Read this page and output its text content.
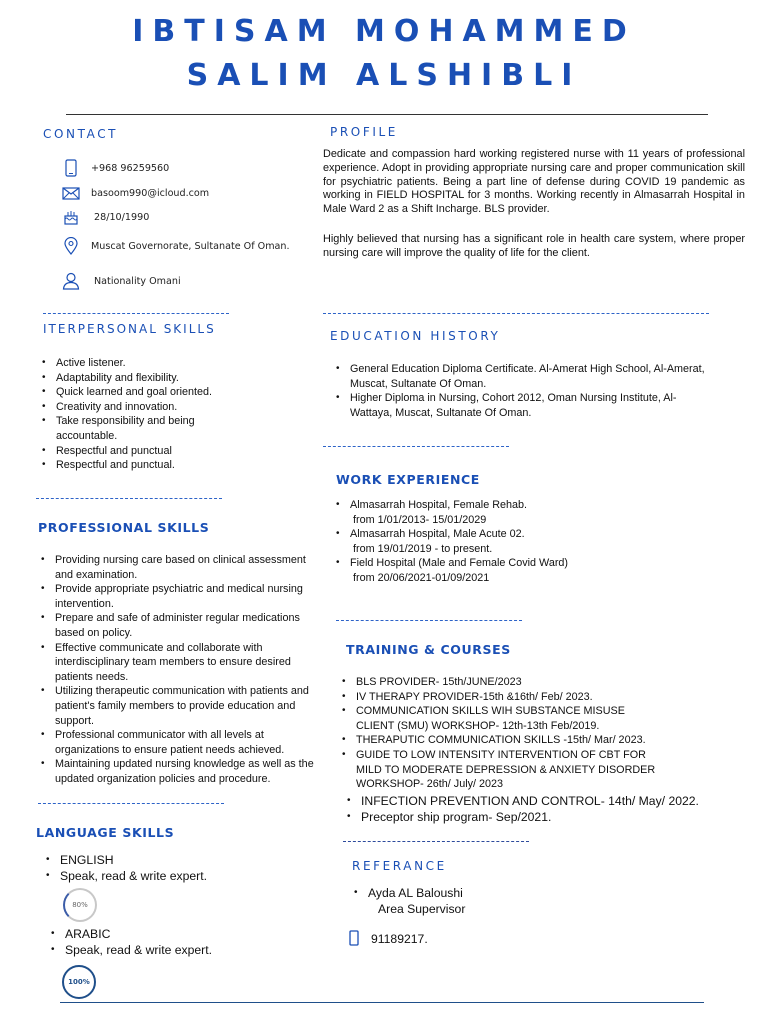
IBTISAM MOHAMMED
SALIM ALSHIBLI
CONTACT
+968 96259560
basoom990@icloud.com
28/10/1990
Muscat Governorate, Sultanate Of Oman.
Nationality Omani
PROFILE
Dedicate and compassion hard working registered nurse with 11 years of professional experience. Adopt in providing appropriate nursing care and proper communication skill for psychiatric patients. Being a part line of defense during COVID 19 pandemic as working in FIELD HOSPITAL for 3 months. Working recently in Almasarrah Hospital in Male Ward 2 as a Shift Incharge. BLS provider.
Highly believed that nursing has a significant role in health care system, where proper nursing care will improve the quality of life for the client.
ITERPERSONAL SKILLS
• Active listener.
• Adaptability and flexibility.
• Quick learned and goal oriented.
• Creativity and innovation.
• Take responsibility and being accountable.
• Respectful and punctual
• Respectful and punctual.
EDUCATION HISTORY
• General Education Diploma Certificate. Al-Amerat High School, Al-Amerat, Muscat, Sultanate Of Oman.
• Higher Diploma in Nursing, Cohort 2012, Oman Nursing Institute, Al-Wattaya, Muscat, Sultanate Of Oman.
WORK EXPERIENCE
• Almasarrah Hospital, Female Rehab.
from 1/01/2013- 15/01/2029
• Almasarrah Hospital, Male Acute 02.
from 19/01/2019 - to present.
• Field Hospital (Male and Female Covid Ward)
from 20/06/2021-01/09/2021
PROFESSIONAL SKILLS
• Providing nursing care based on clinical assessment and examination.
• Provide appropriate psychiatric and medical nursing intervention.
• Prepare and safe of administer regular medications based on policy.
• Effective communicate and collaborate with interdisciplinary team members to ensure desired patients needs.
• Utilizing therapeutic communication with patients and patient's family members to provide education and support.
• Professional communicator with all levels at organizations to ensure patient needs achieved.
• Maintaining updated nursing knowledge as well as the updated organization policies and procedure.
TRAINING & COURSES
• BLS PROVIDER- 15th/JUNE/2023
• IV THERAPY PROVIDER-15th &16th/ Feb/ 2023.
• COMMUNICATION SKILLS WIH SUBSTANCE MISUSE CLIENT (SMU) WORKSHOP- 12th-13th Feb/2019.
• THERAPUTIC COMMUNICATION SKILLS -15th/ Mar/ 2023.
• GUIDE TO LOW INTENSITY INTERVENTION OF CBT FOR MILD TO MODERATE DEPRESSION & ANXIETY DISORDER WORKSHOP- 26th/ July/ 2023
• INFECTION PREVENTION AND CONTROL- 14th/ May/ 2022.
• Preceptor ship program- Sep/2021.
LANGUAGE SKILLS
• ENGLISH
• Speak, read & write expert.
80%
• ARABIC
• Speak, read & write expert.
100%
REFERANCE
• Ayda AL Baloushi
Area Supervisor
91189217.
